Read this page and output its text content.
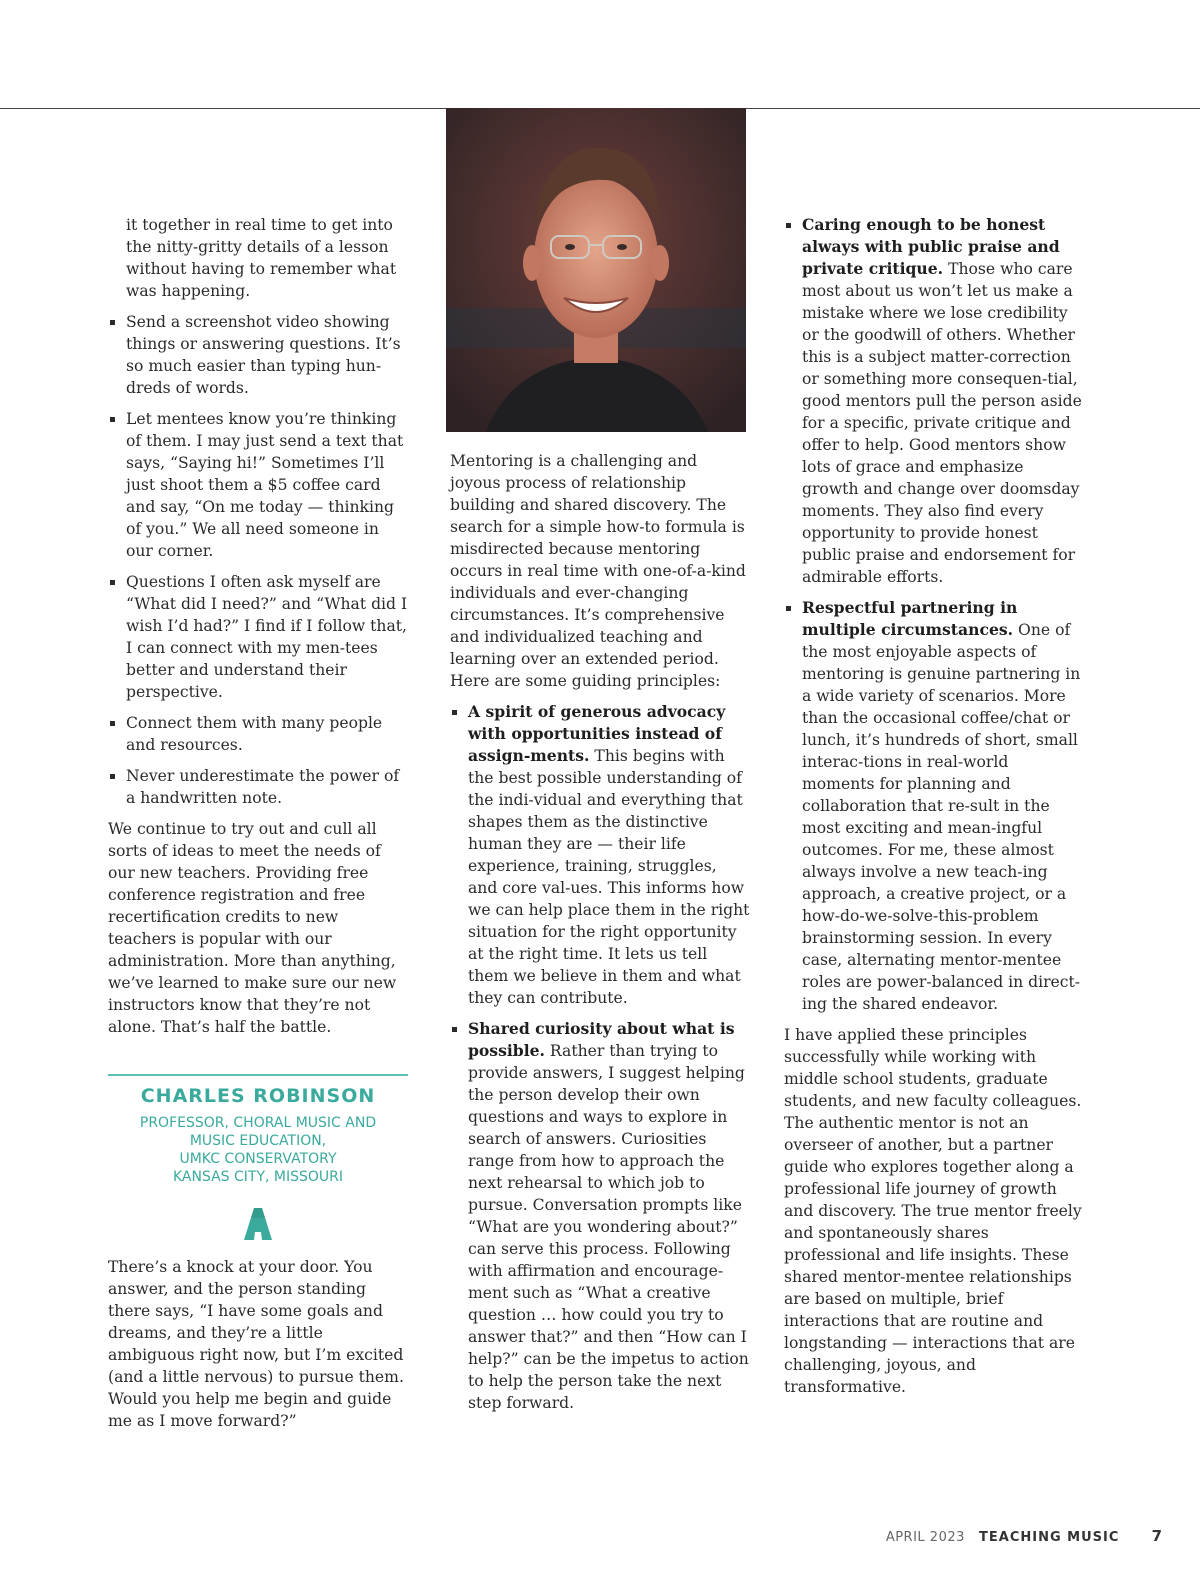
it together in real time to get into the nitty-gritty details of a lesson without having to remember what was happening.
Send a screenshot video showing things or answering questions. It’s so much easier than typing hun-dreds of words.
Let mentees know you’re thinking of them. I may just send a text that says, “Saying hi!” Sometimes I’ll just shoot them a $5 coffee card and say, “On me today — thinking of you.” We all need someone in our corner.
Questions I often ask myself are “What did I need?” and “What did I wish I’d had?” I find if I follow that, I can connect with my men-tees better and understand their perspective.
Connect them with many people and resources.
Never underestimate the power of a handwritten note.

We continue to try out and cull all sorts of ideas to meet the needs of our new teachers. Providing free conference registration and free recertification credits to new teachers is popular with our administration. More than anything, we’ve learned to make sure our new instructors know that they’re not alone. That’s half the battle.

CHARLES ROBINSON
PROFESSOR, CHORAL MUSIC AND
MUSIC EDUCATION,
UMKC CONSERVATORY
KANSAS CITY, MISSOURI

There’s a knock at your door. You answer, and the person standing there says, “I have some goals and dreams, and they’re a little ambiguous right now, but I’m excited (and a little nervous) to pursue them. Would you help me begin and guide me as I move forward?”

Mentoring is a challenging and joyous process of relationship building and shared discovery. The search for a simple how-to formula is misdirected because mentoring occurs in real time with one-of-a-kind individuals and ever-changing circumstances. It’s comprehensive and individualized teaching and learning over an extended period. Here are some guiding principles:

A spirit of generous advocacy with opportunities instead of assign-ments. This begins with the best possible understanding of the indi-vidual and everything that shapes them as the distinctive human they are — their life experience, training, struggles, and core val-ues. This informs how we can help place them in the right situation for the right opportunity at the right time. It lets us tell them we believe in them and what they can contribute.
Shared curiosity about what is possible. Rather than trying to provide answers, I suggest helping the person develop their own questions and ways to explore in search of answers. Curiosities range from how to approach the next rehearsal to which job to pursue. Conversation prompts like “What are you wondering about?” can serve this process. Following with affirmation and encourage-ment such as “What a creative question … how could you try to answer that?” and then “How can I help?” can be the impetus to action to help the person take the next step forward.
Caring enough to be honest always with public praise and private critique. Those who care most about us won’t let us make a mistake where we lose credibility or the goodwill of others. Whether this is a subject matter-correction or something more consequen-tial, good mentors pull the person aside for a specific, private critique and offer to help. Good mentors show lots of grace and emphasize growth and change over doomsday moments. They also find every opportunity to provide honest public praise and endorsement for admirable efforts.
Respectful partnering in multiple circumstances. One of the most enjoyable aspects of mentoring is genuine partnering in a wide variety of scenarios. More than the occasional coffee/chat or lunch, it’s hundreds of short, small interac-tions in real-world moments for planning and collaboration that re-sult in the most exciting and mean-ingful outcomes. For me, these almost always involve a new teach-ing approach, a creative project, or a how-do-we-solve-this-problem brainstorming session. In every case, alternating mentor-mentee roles are power-balanced in direct-ing the shared endeavor.

I have applied these principles successfully while working with middle school students, graduate students, and new faculty colleagues. The authentic mentor is not an overseer of another, but a partner guide who explores together along a professional life journey of growth and discovery. The true mentor freely and spontaneously shares professional and life insights. These shared mentor-mentee relationships are based on multiple, brief interactions that are routine and longstanding — interactions that are challenging, joyous, and transformative.

APRIL 2023 TEACHING MUSIC 7
